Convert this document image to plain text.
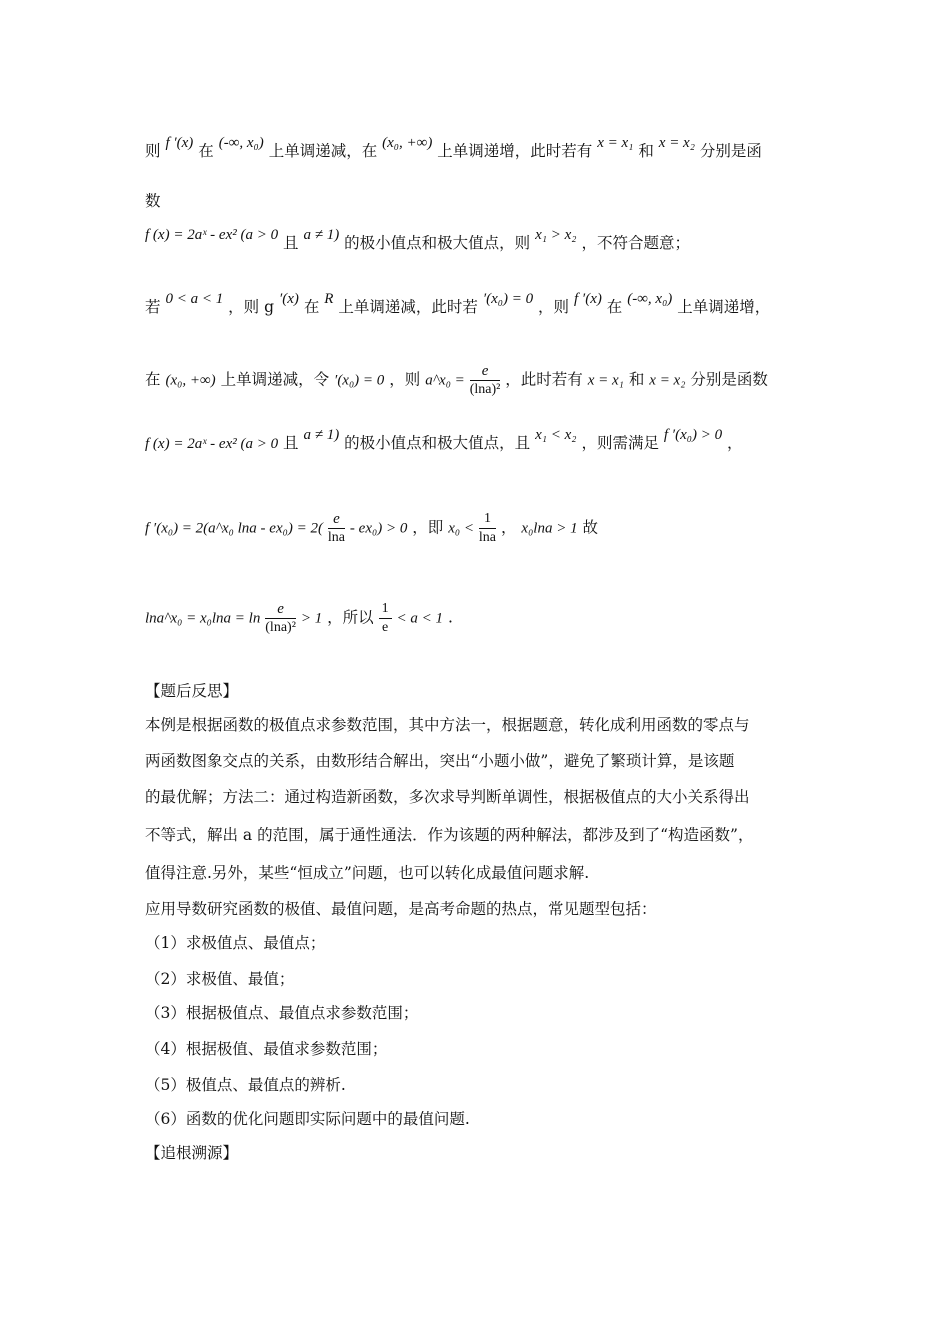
则 f ′(x) 在 (-∞, x₀) 上单调递减，在 (x₀, +∞) 上单调递增，此时若有 x = x₁ 和 x = x₂ 分别是函
数
f (x) = 2aˣ - ex² (a > 0 且 a ≠ 1) 的极小值点和极大值点，则 x₁ > x₂ ，不符合题意；
若 0 < a < 1 ，则 g ′(x) 在 R 上单调递减，此时若 ′(x₀) = 0 ，则 f ′(x) 在 (-∞, x₀) 上单调递增，
在 (x₀, +∞) 上单调递减，令 ′(x₀) = 0 ，则 a^x₀ = $\frac{e}{\text{(lna)²}}$ ，此时若有 x = x₁ 和 x = x₂ 分别是函数
f (x) = 2aˣ - ex² (a > 0 且 a ≠ 1) 的极小值点和极大值点，且 x₁ < x₂ ，则需满足 f ′(x₀) > 0 ，
f ′(x₀) = 2(a^x₀ $\ln a - ex_0) = 2( \frac{e}{\ln a} - ex_0) > 0$ ，即 $x_0 < \frac{1}{\ln a}$ ， x₀lna > 1 故
lna^x₀ = $x_0\ln a = \ln \frac{e}{\text{(lna)²}} > 1$ ，所以 $\frac{1}{e} < a < 1$ .
【题后反思】
本例是根据函数的极值点求参数范围，其中方法一，根据题意，转化成利用函数的零点与
两函数图象交点的关系，由数形结合解出，突出“小题小做”，避免了繁琐计算，是该题
的最优解；方法二：通过构造新函数，多次求导判断单调性，根据极值点的大小关系得出
不等式，解出 a 的范围，属于通性通法．作为该题的两种解法，都涉及到了“构造函数”，
值得注意.另外，某些“恒成立”问题，也可以转化成最值问题求解.
应用导数研究函数的极值、最值问题，是高考命题的热点，常见题型包括：
（1）求极值点、最值点；
（2）求极值、最值；
（3）根据极值点、最值点求参数范围；
（4）根据极值、最值求参数范围；
（5）极值点、最值点的辨析.
（6）函数的优化问题即实际问题中的最值问题.
【追根溯源】
